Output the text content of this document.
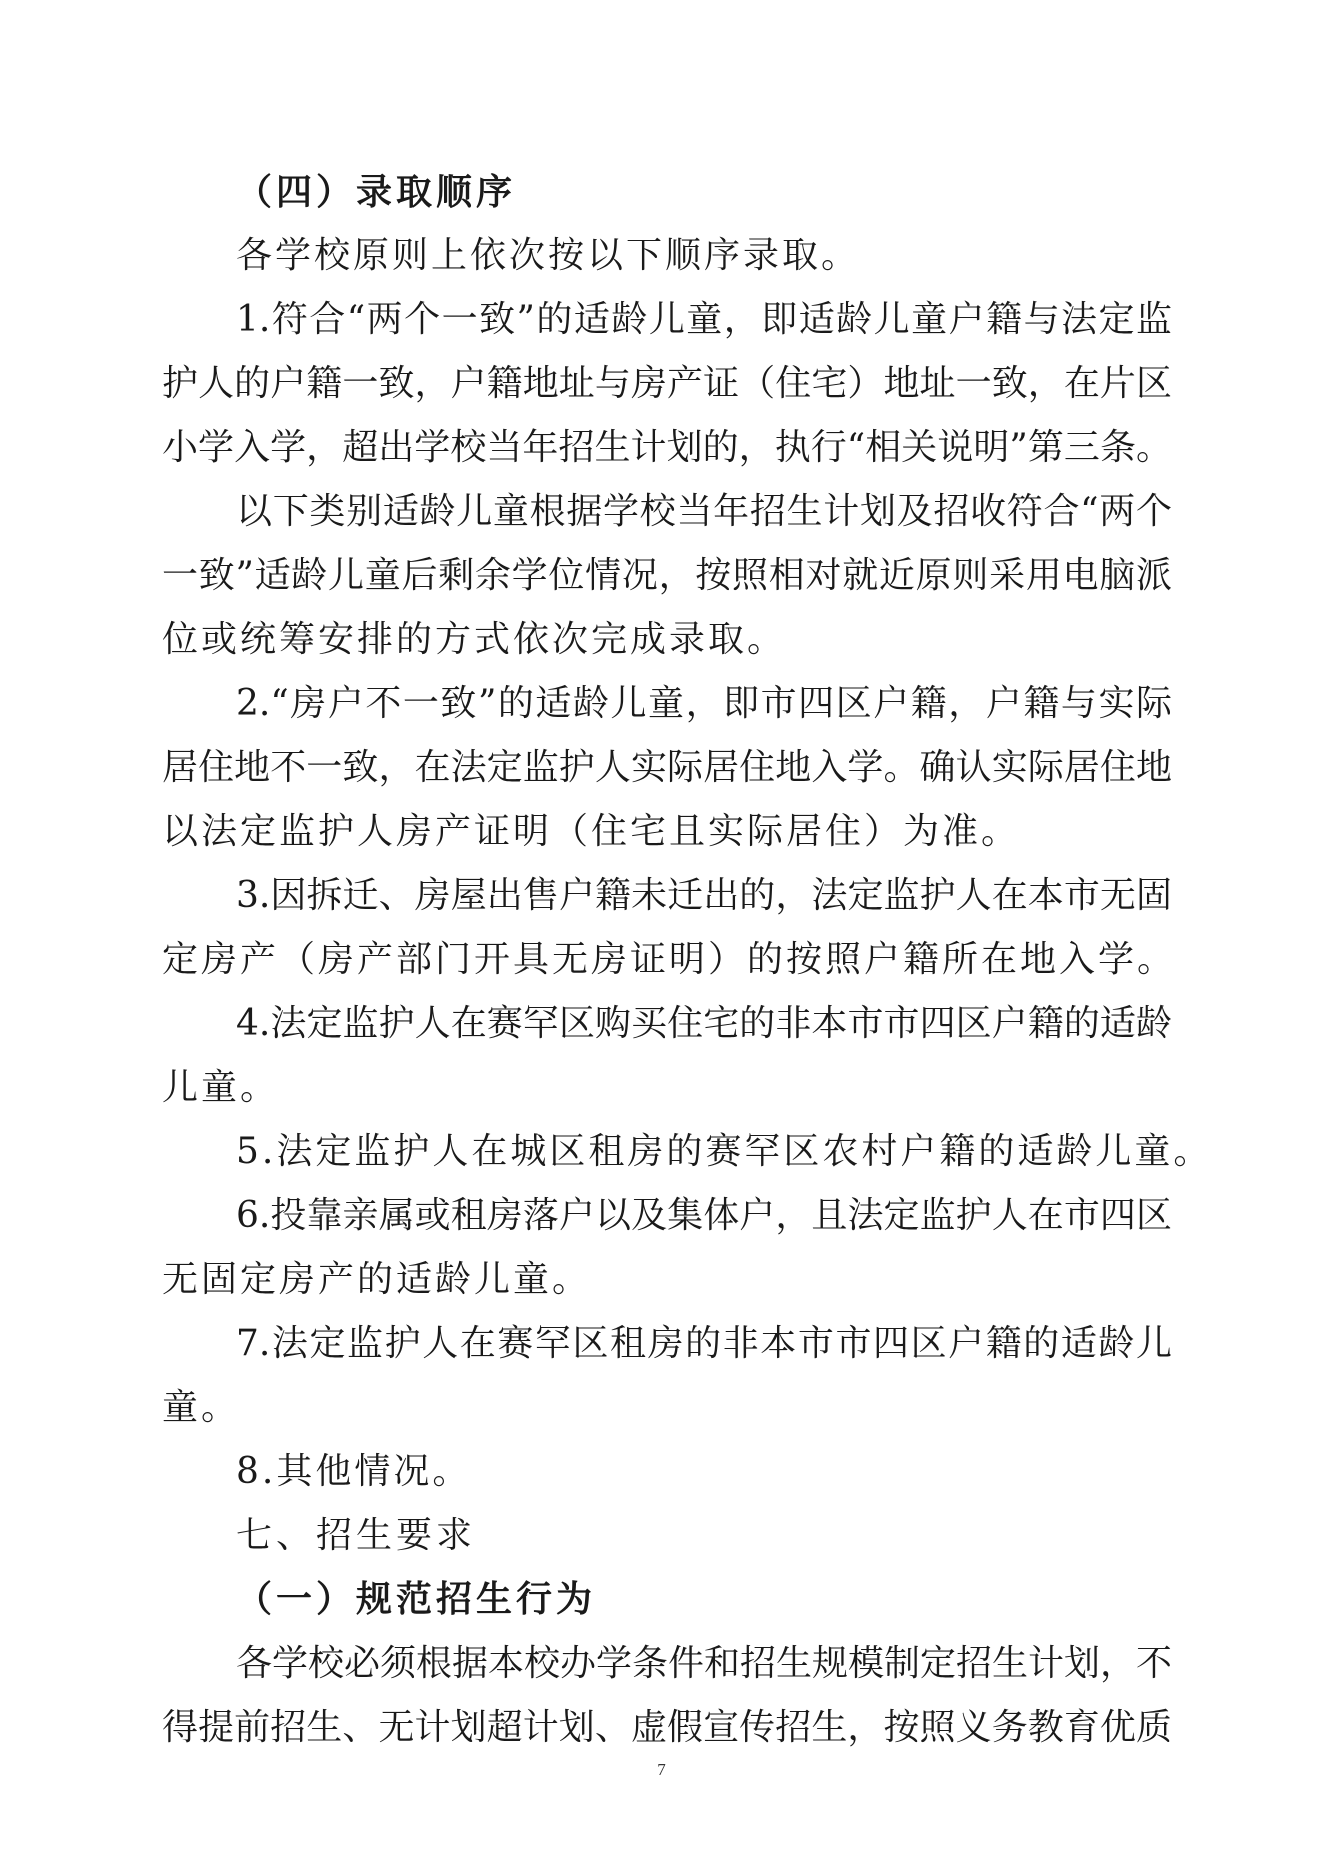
（四）录取顺序
各学校原则上依次按以下顺序录取。
1.符合“两个一致”的适龄儿童，即适龄儿童户籍与法定监
护人的户籍一致，户籍地址与房产证（住宅）地址一致，在片区
小学入学，超出学校当年招生计划的，执行“相关说明”第三条。
以下类别适龄儿童根据学校当年招生计划及招收符合“两个
一致”适龄儿童后剩余学位情况，按照相对就近原则采用电脑派
位或统筹安排的方式依次完成录取。
2.“房户不一致”的适龄儿童，即市四区户籍，户籍与实际
居住地不一致，在法定监护人实际居住地入学。确认实际居住地
以法定监护人房产证明（住宅且实际居住）为准。
3.因拆迁、房屋出售户籍未迁出的，法定监护人在本市无固
定房产（房产部门开具无房证明）的按照户籍所在地入学。
4.法定监护人在赛罕区购买住宅的非本市市四区户籍的适龄
儿童。
5.法定监护人在城区租房的赛罕区农村户籍的适龄儿童。
6.投靠亲属或租房落户以及集体户，且法定监护人在市四区
无固定房产的适龄儿童。
7.法定监护人在赛罕区租房的非本市市四区户籍的适龄儿
童。
8.其他情况。
七、招生要求
（一）规范招生行为
各学校必须根据本校办学条件和招生规模制定招生计划，不
得提前招生、无计划超计划、虚假宣传招生，按照义务教育优质
7
